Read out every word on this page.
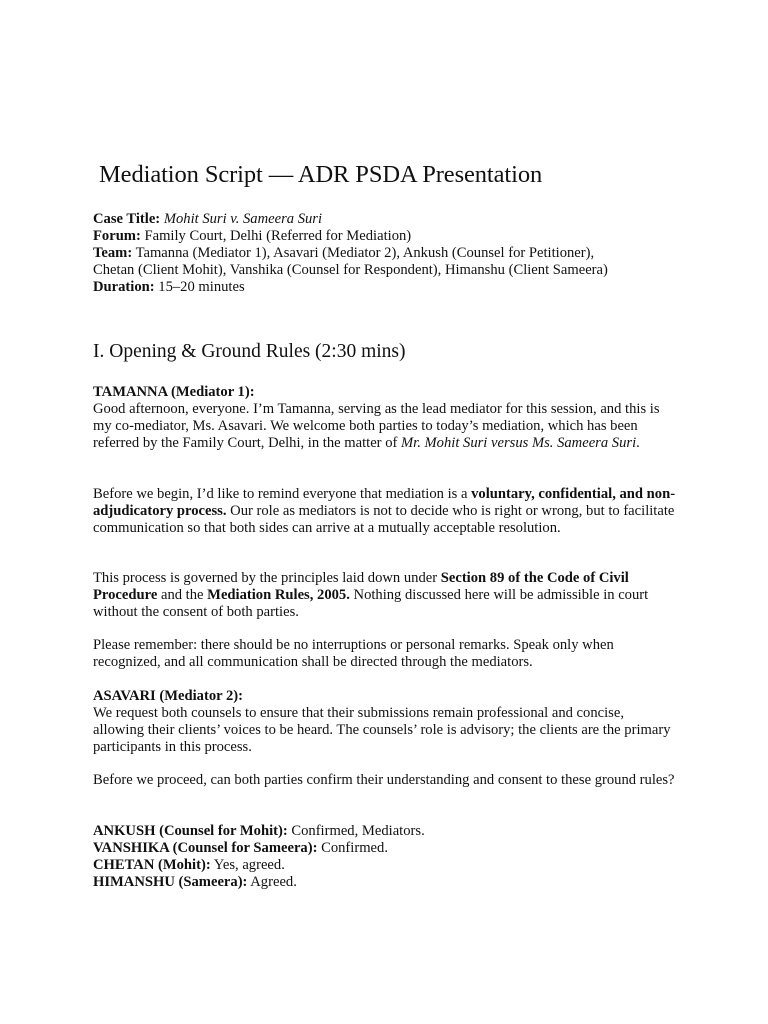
Mediation Script — ADR PSDA Presentation

Case Title: Mohit Suri v. Sameera Suri

Forum: Family Court, Delhi (Referred for Mediation)

Team: Tamanna (Mediator 1), Asavari (Mediator 2), Ankush (Counsel for Petitioner),

Chetan (Client Mohit), Vanshika (Counsel for Respondent), Himanshu (Client Sameera)

Duration: 15–20 minutes

I. Opening & Ground Rules (2:30 mins)

TAMANNA (Mediator 1):

Good afternoon, everyone. I’m Tamanna, serving as the lead mediator for this session, and this is my co-mediator, Ms. Asavari. We welcome both parties to today’s mediation, which has been referred by the Family Court, Delhi, in the matter of Mr. Mohit Suri versus Ms. Sameera Suri.

Before we begin, I’d like to remind everyone that mediation is a voluntary, confidential, and non-adjudicatory process. Our role as mediators is not to decide who is right or wrong, but to facilitate communication so that both sides can arrive at a mutually acceptable resolution.

This process is governed by the principles laid down under Section 89 of the Code of Civil Procedure and the Mediation Rules, 2005. Nothing discussed here will be admissible in court without the consent of both parties.

Please remember: there should be no interruptions or personal remarks. Speak only when recognized, and all communication shall be directed through the mediators.

ASAVARI (Mediator 2):

We request both counsels to ensure that their submissions remain professional and concise, allowing their clients’ voices to be heard. The counsels’ role is advisory; the clients are the primary participants in this process.

Before we proceed, can both parties confirm their understanding and consent to these ground rules?

ANKUSH (Counsel for Mohit): Confirmed, Mediators.

VANSHIKA (Counsel for Sameera): Confirmed.

CHETAN (Mohit): Yes, agreed.

HIMANSHU (Sameera): Agreed.
